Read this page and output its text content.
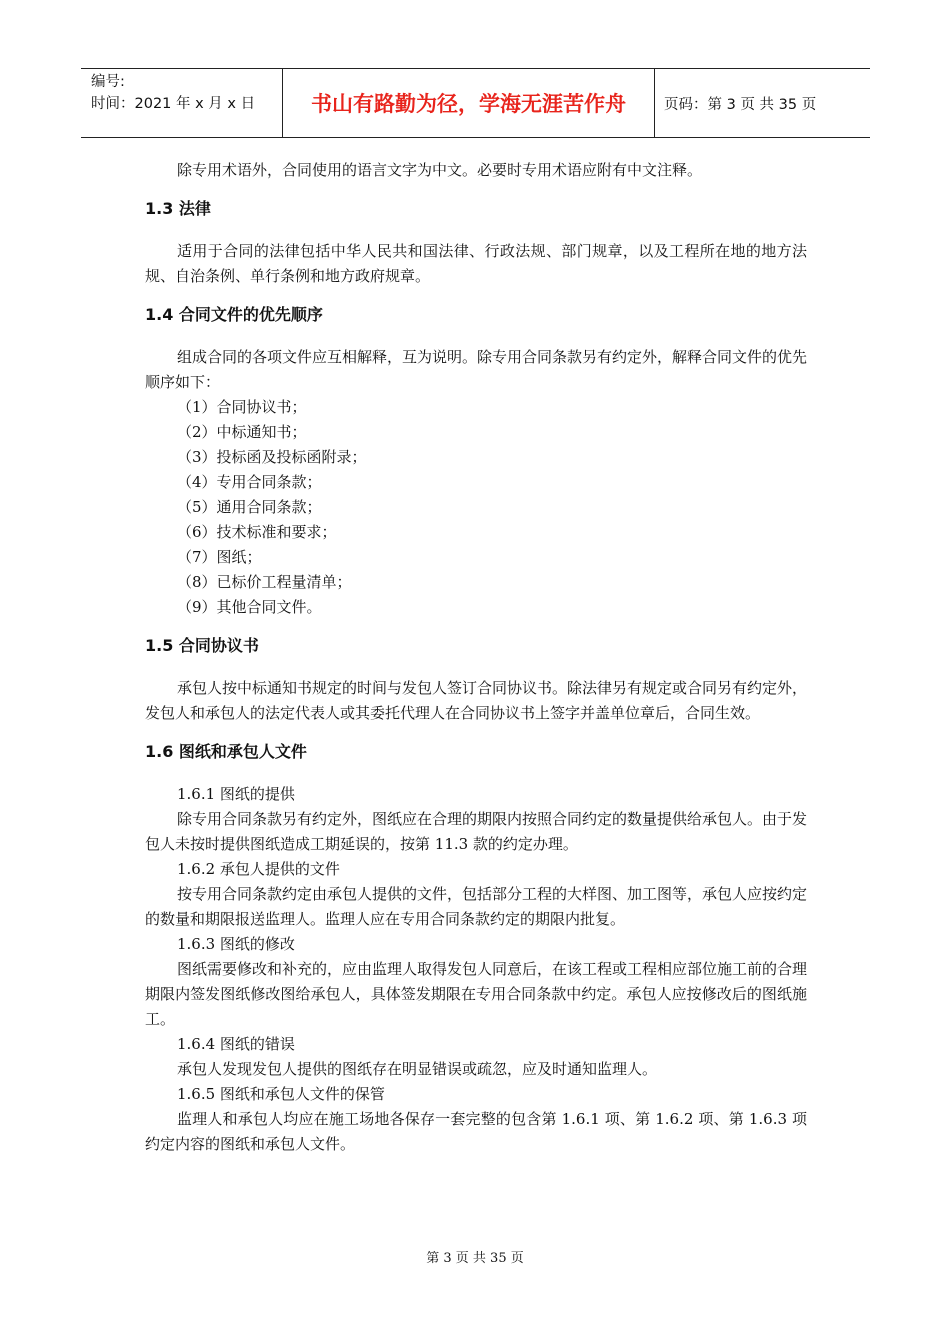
编号:
时间：2021 年 x 月 x 日	书山有路勤为径，学海无涯苦作舟	页码：第 3 页 共 35 页

除专用术语外，合同使用的语言文字为中文。必要时专用术语应附有中文注释。

1.3 法律

适用于合同的法律包括中华人民共和国法律、行政法规、部门规章，以及工程所在地的地方法规、自治条例、单行条例和地方政府规章。

1.4 合同文件的优先顺序

组成合同的各项文件应互相解释，互为说明。除专用合同条款另有约定外，解释合同文件的优先顺序如下：

（1）合同协议书；

（2）中标通知书；

（3）投标函及投标函附录；

（4）专用合同条款；

（5）通用合同条款；

（6）技术标准和要求；

（7）图纸；

（8）已标价工程量清单；

（9）其他合同文件。

1.5 合同协议书

承包人按中标通知书规定的时间与发包人签订合同协议书。除法律另有规定或合同另有约定外，发包人和承包人的法定代表人或其委托代理人在合同协议书上签字并盖单位章后，合同生效。

1.6 图纸和承包人文件

1.6.1 图纸的提供

除专用合同条款另有约定外，图纸应在合理的期限内按照合同约定的数量提供给承包人。由于发包人未按时提供图纸造成工期延误的，按第 11.3 款的约定办理。

1.6.2 承包人提供的文件

按专用合同条款约定由承包人提供的文件，包括部分工程的大样图、加工图等，承包人应按约定的数量和期限报送监理人。监理人应在专用合同条款约定的期限内批复。

1.6.3 图纸的修改

图纸需要修改和补充的，应由监理人取得发包人同意后，在该工程或工程相应部位施工前的合理期限内签发图纸修改图给承包人，具体签发期限在专用合同条款中约定。承包人应按修改后的图纸施工。

1.6.4 图纸的错误

承包人发现发包人提供的图纸存在明显错误或疏忽，应及时通知监理人。

1.6.5 图纸和承包人文件的保管

监理人和承包人均应在施工场地各保存一套完整的包含第 1.6.1 项、第 1.6.2 项、第 1.6.3 项约定内容的图纸和承包人文件。

第 3 页 共 35 页
